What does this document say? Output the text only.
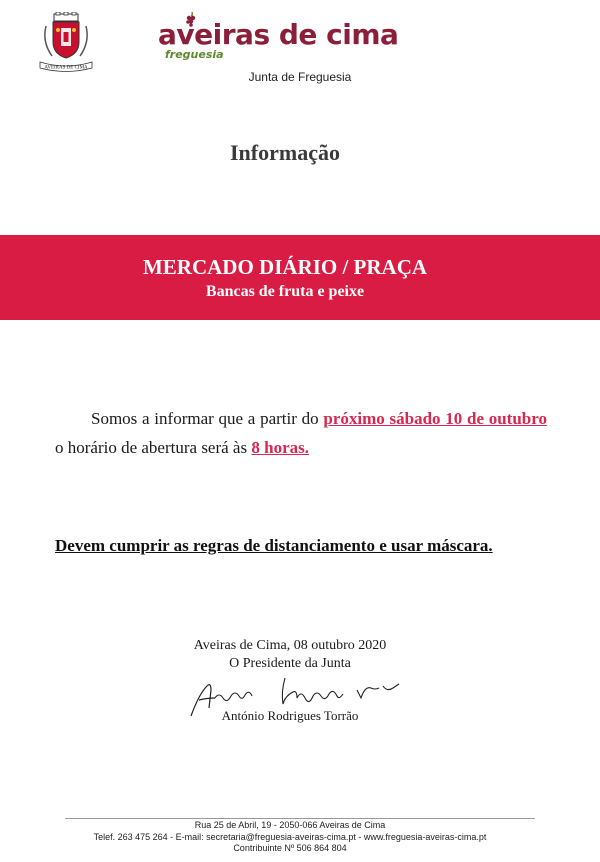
AVEIRAS DE CIMA
aveiras de cima
freguesia
Junta de Freguesia
Informação
MERCADO DIÁRIO / PRAÇA
Bancas de fruta e peixe
Somos a informar que a partir do próximo sábado 10 de outubro o horário de abertura será às 8 horas.
Devem cumprir as regras de distanciamento e usar máscara.
Aveiras de Cima, 08 outubro 2020
O Presidente da Junta
António Rodrigues Torrão
Rua 25 de Abril, 19 - 2050-066 Aveiras de Cima
Telef. 263 475 264 - E-mail: secretaria@freguesia-aveiras-cima.pt - www.freguesia-aveiras-cima.pt
Contribuinte Nº 506 864 804
